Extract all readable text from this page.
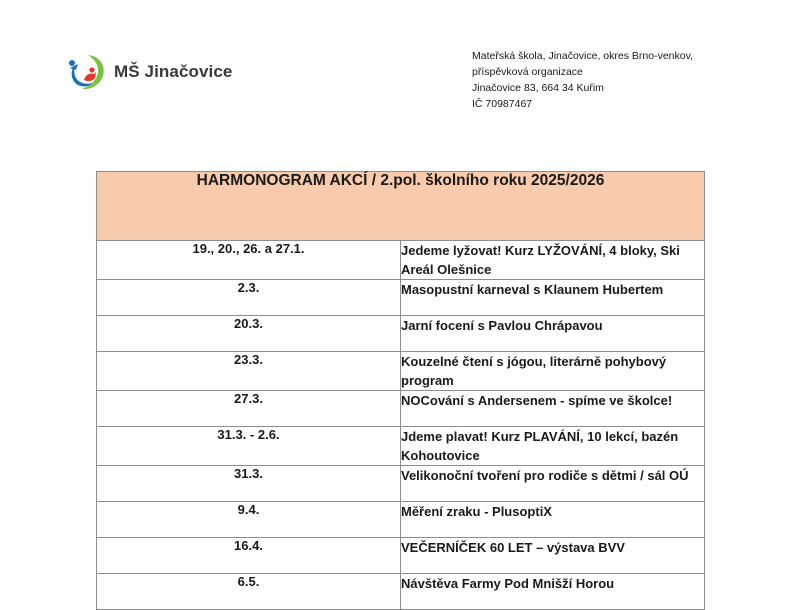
MŠ Jinačovice
Mateřská škola, Jinačovice, okres Brno-venkov,
příspěvková organizace
Jinačovice 83, 664 34 Kuřim
IČ 70987467
HARMONOGRAM AKCÍ / 2.pol. školního roku 2025/2026	
19., 20., 26. a 27.1.	Jedeme lyžovat! Kurz LYŽOVÁNÍ, 4 bloky, Ski Areál Olešnice
2.3.	Masopustní karneval s Klaunem Hubertem
20.3.	Jarní focení s Pavlou Chrápavou
23.3.	Kouzelné čtení s jógou, literárně pohybový program
27.3.	NOCování s Andersenem - spíme ve školce!
31.3. - 2.6.	Jdeme plavat! Kurz PLAVÁNÍ, 10 lekcí, bazén Kohoutovice
31.3.	Velikonoční tvoření pro rodiče s dětmi / sál OÚ
9.4.	Měření zraku - PlusoptiX
16.4.	VEČERNÍČEK 60 LET – výstava BVV
6.5.	Návštěva Farmy Pod Mnišží Horou
